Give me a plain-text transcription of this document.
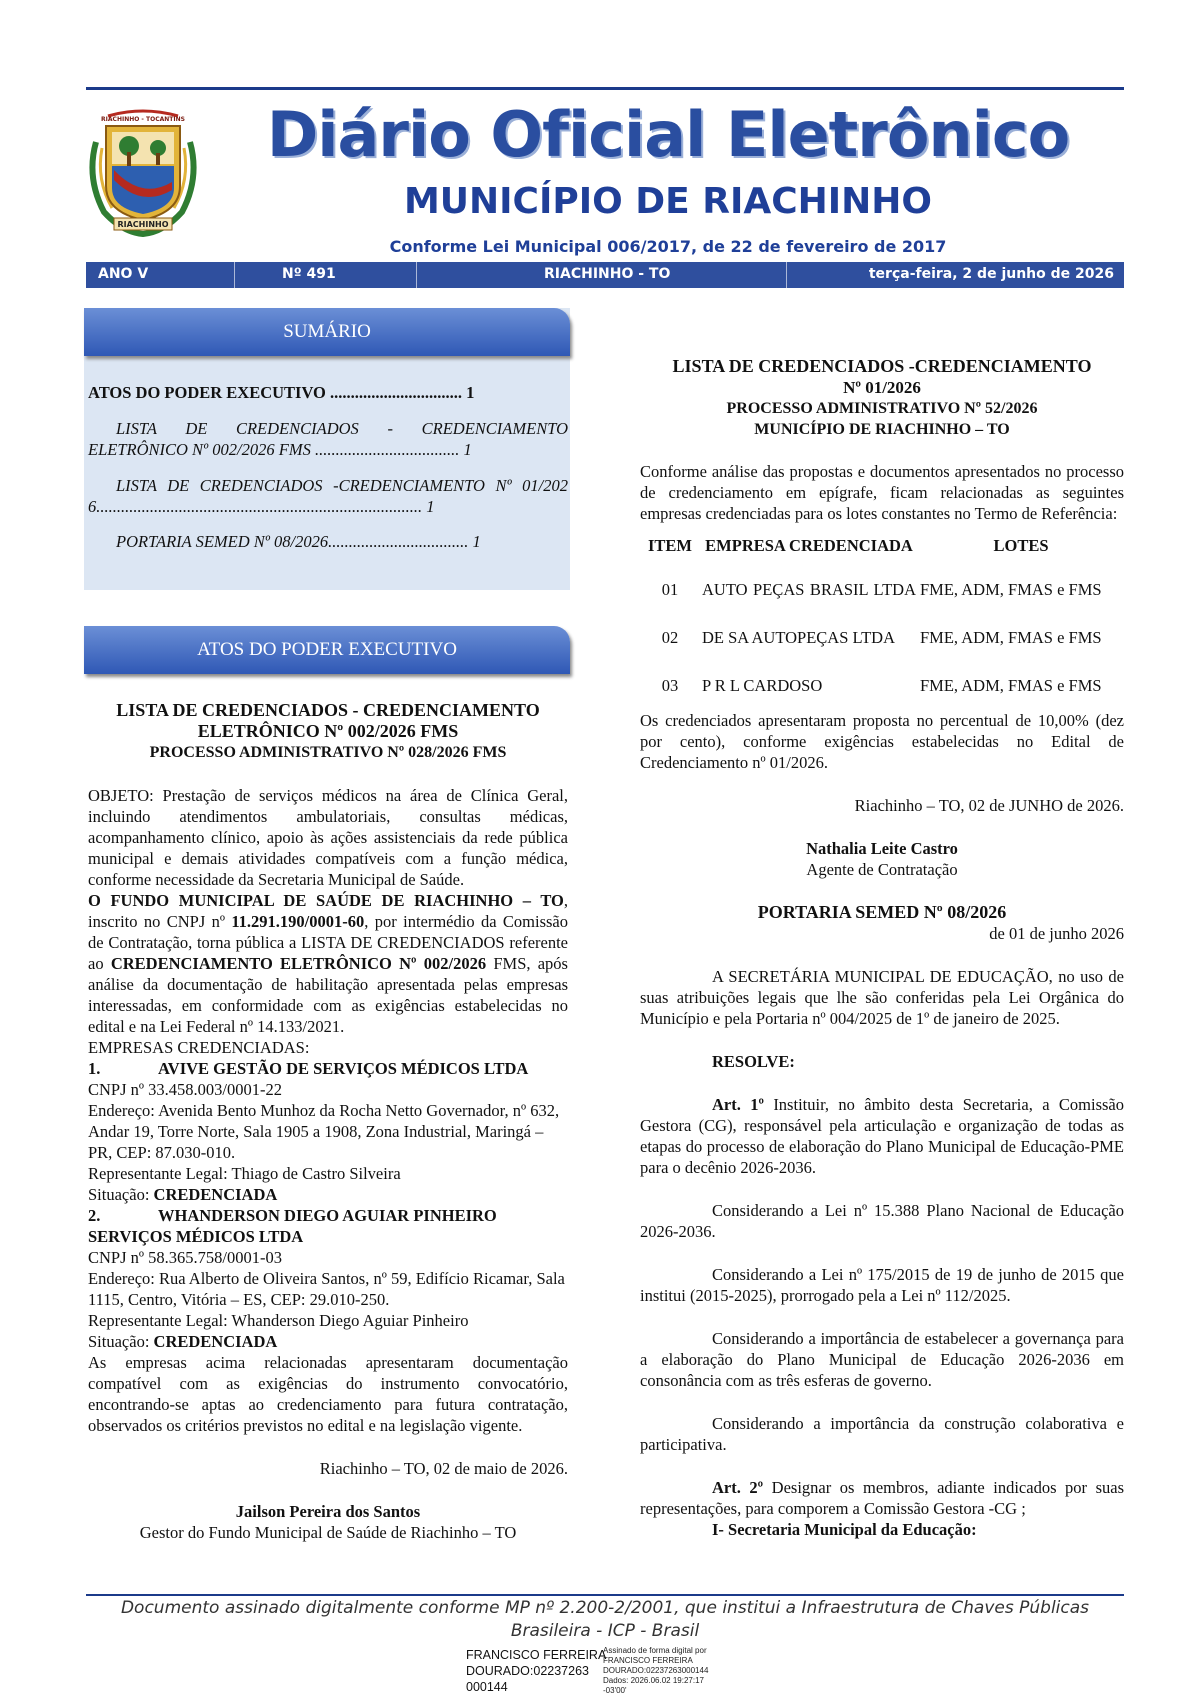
RIACHINHO - TOCANTINS
RIACHINHO
Diário Oficial Eletrônico
MUNICÍPIO DE RIACHINHO
Conforme Lei Municipal 006/2017, de 22 de fevereiro de 2017
ANO V	Nº 491	RIACHINHO - TO	terça-feira, 2 de junho de 2026
SUMÁRIO
ATOS DO PODER EXECUTIVO ................................ 1
LISTA DE CREDENCIADOS - CREDENCIAMENTO ELETRÔNICO Nº 002/2026 FMS ................................... 1
LISTA DE CREDENCIADOS -CREDENCIAMENTO Nº 01/2026............................................................................... 1
PORTARIA SEMED Nº 08/2026.................................. 1
ATOS DO PODER EXECUTIVO
LISTA DE CREDENCIADOS - CREDENCIAMENTO ELETRÔNICO Nº 002/2026 FMS
PROCESSO ADMINISTRATIVO Nº 028/2026 FMS
OBJETO: Prestação de serviços médicos na área de Clínica Geral, incluindo atendimentos ambulatoriais, consultas médicas, acompanhamento clínico, apoio às ações assistenciais da rede pública municipal e demais atividades compatíveis com a função médica, conforme necessidade da Secretaria Municipal de Saúde.
O FUNDO MUNICIPAL DE SAÚDE DE RIACHINHO – TO, inscrito no CNPJ nº 11.291.190/0001-60, por intermédio da Comissão de Contratação, torna pública a LISTA DE CREDENCIADOS referente ao CREDENCIAMENTO ELETRÔNICO Nº 002/2026 FMS, após análise da documentação de habilitação apresentada pelas empresas interessadas, em conformidade com as exigências estabelecidas no edital e na Lei Federal nº 14.133/2021.
EMPRESAS CREDENCIADAS:
1.	AVIVE GESTÃO DE SERVIÇOS MÉDICOS LTDA
CNPJ nº 33.458.003/0001-22
Endereço: Avenida Bento Munhoz da Rocha Netto Governador, nº 632, Andar 19, Torre Norte, Sala 1905 a 1908, Zona Industrial, Maringá – PR, CEP: 87.030-010.
Representante Legal: Thiago de Castro Silveira
Situação: CREDENCIADA
2.	WHANDERSON DIEGO AGUIAR PINHEIRO SERVIÇOS MÉDICOS LTDA
CNPJ nº 58.365.758/0001-03
Endereço: Rua Alberto de Oliveira Santos, nº 59, Edifício Ricamar, Sala 1115, Centro, Vitória – ES, CEP: 29.010-250.
Representante Legal: Whanderson Diego Aguiar Pinheiro
Situação: CREDENCIADA
As empresas acima relacionadas apresentaram documentação compatível com as exigências do instrumento convocatório, encontrando-se aptas ao credenciamento para futura contratação, observados os critérios previstos no edital e na legislação vigente.
Riachinho – TO, 02 de maio de 2026.
Jailson Pereira dos Santos
Gestor do Fundo Municipal de Saúde de Riachinho – TO
LISTA DE CREDENCIADOS -CREDENCIAMENTO
Nº 01/2026
PROCESSO ADMINISTRATIVO Nº 52/2026
MUNICÍPIO DE RIACHINHO – TO
Conforme análise das propostas e documentos apresentados no processo de credenciamento em epígrafe, ficam relacionadas as seguintes empresas credenciadas para os lotes constantes no Termo de Referência:
ITEM	EMPRESA CREDENCIADA	LOTES
01	AUTO PEÇAS BRASIL LTDA	FME, ADM, FMAS e FMS
02	DE SA AUTOPEÇAS LTDA	FME, ADM, FMAS e FMS
03	P R L CARDOSO	FME, ADM, FMAS e FMS
Os credenciados apresentaram proposta no percentual de 10,00% (dez por cento), conforme exigências estabelecidas no Edital de Credenciamento nº 01/2026.
Riachinho – TO, 02 de JUNHO de 2026.
Nathalia Leite Castro
Agente de Contratação
PORTARIA SEMED Nº 08/2026
de 01 de junho 2026
A SECRETÁRIA MUNICIPAL DE EDUCAÇÃO, no uso de suas atribuições legais que lhe são conferidas pela Lei Orgânica do Município e pela Portaria nº 004/2025 de 1º de janeiro de 2025.
RESOLVE:
Art. 1º Instituir, no âmbito desta Secretaria, a Comissão Gestora (CG), responsável pela articulação e organização de todas as etapas do processo de elaboração do Plano Municipal de Educação-PME para o decênio 2026-2036.
Considerando a Lei nº 15.388 Plano Nacional de Educação 2026-2036.
Considerando a Lei nº 175/2015 de 19 de junho de 2015 que institui (2015-2025), prorrogado pela a Lei nº 112/2025.
Considerando a importância de estabelecer a governança para a elaboração do Plano Municipal de Educação 2026-2036 em consonância com as três esferas de governo.
Considerando a importância da construção colaborativa e participativa.
Art. 2º Designar os membros, adiante indicados por suas representações, para comporem a Comissão Gestora -CG ;
I- Secretaria Municipal da Educação:
Documento assinado digitalmente conforme MP nº 2.200-2/2001, que institui a Infraestrutura de Chaves Públicas
Brasileira - ICP - Brasil
FRANCISCO FERREIRA
DOURADO:02237263
000144
Assinado de forma digital por
FRANCISCO FERREIRA
DOURADO:02237263000144
Dados: 2026.06.02 19:27:17
-03'00'
